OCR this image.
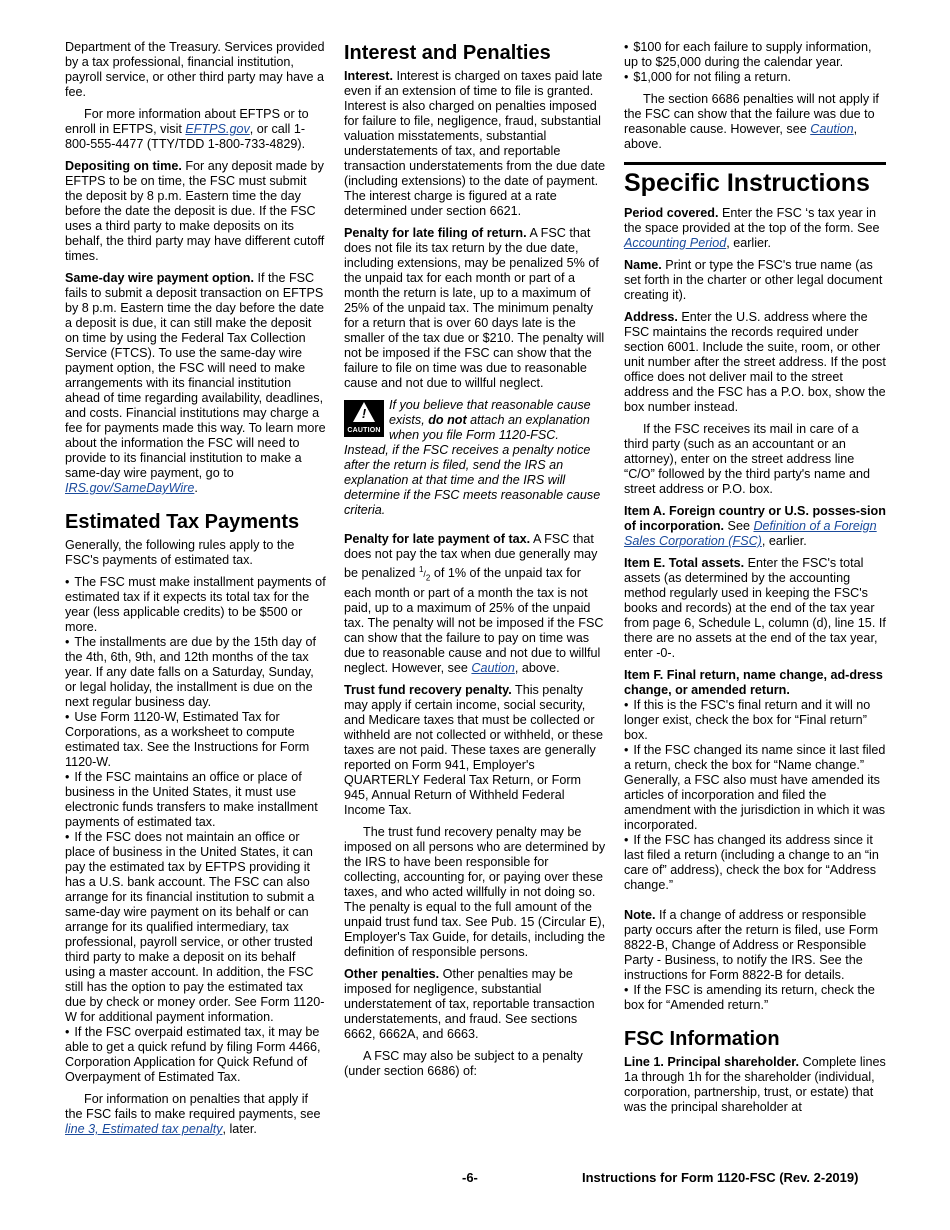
Department of the Treasury. Services provided by a tax professional, financial institution, payroll service, or other third party may have a fee.

For more information about EFTPS or to enroll in EFTPS, visit EFTPS.gov, or call 1-800-555-4477 (TTY/TDD 1-800-733-4829).

Depositing on time. For any deposit made by EFTPS to be on time, the FSC must submit the deposit by 8 p.m. Eastern time the day before the date the deposit is due. If the FSC uses a third party to make deposits on its behalf, the third party may have different cutoff times.

Same-day wire payment option. If the FSC fails to submit a deposit transaction on EFTPS by 8 p.m. Eastern time the day before the date a deposit is due, it can still make the deposit on time by using the Federal Tax Collection Service (FTCS). To use the same-day wire payment option, the FSC will need to make arrangements with its financial institution ahead of time regarding availability, deadlines, and costs. Financial institutions may charge a fee for payments made this way. To learn more about the information the FSC will need to provide to its financial institution to make a same-day wire payment, go to IRS.gov/SameDayWire.

Estimated Tax Payments

Generally, the following rules apply to the FSC's payments of estimated tax.

• The FSC must make installment payments of estimated tax if it expects its total tax for the year (less applicable credits) to be $500 or more.
• The installments are due by the 15th day of the 4th, 6th, 9th, and 12th months of the tax year. If any date falls on a Saturday, Sunday, or legal holiday, the installment is due on the next regular business day.
• Use Form 1120-W, Estimated Tax for Corporations, as a worksheet to compute estimated tax. See the Instructions for Form 1120-W.
• If the FSC maintains an office or place of business in the United States, it must use electronic funds transfers to make installment payments of estimated tax.
• If the FSC does not maintain an office or place of business in the United States, it can pay the estimated tax by EFTPS providing it has a U.S. bank account. The FSC can also arrange for its financial institution to submit a same-day wire payment on its behalf or can arrange for its qualified intermediary, tax professional, payroll service, or other trusted third party to make a deposit on its behalf using a master account. In addition, the FSC still has the option to pay the estimated tax due by check or money order. See Form 1120-W for additional payment information.
• If the FSC overpaid estimated tax, it may be able to get a quick refund by filing Form 4466, Corporation Application for Quick Refund of Overpayment of Estimated Tax.

For information on penalties that apply if the FSC fails to make required payments, see line 3, Estimated tax penalty, later.

Interest and Penalties

Interest. Interest is charged on taxes paid late even if an extension of time to file is granted. Interest is also charged on penalties imposed for failure to file, negligence, fraud, substantial valuation misstatements, substantial understatements of tax, and reportable transaction understatements from the due date (including extensions) to the date of payment. The interest charge is figured at a rate determined under section 6621.

Penalty for late filing of return. A FSC that does not file its tax return by the due date, including extensions, may be penalized 5% of the unpaid tax for each month or part of a month the return is late, up to a maximum of 25% of the unpaid tax. The minimum penalty for a return that is over 60 days late is the smaller of the tax due or $210. The penalty will not be imposed if the FSC can show that the failure to file on time was due to reasonable cause and not due to willful neglect.

!
CAUTION
If you believe that reasonable cause exists, do not attach an explanation when you file Form 1120-FSC. Instead, if the FSC receives a penalty notice after the return is filed, send the IRS an explanation at that time and the IRS will determine if the FSC meets reasonable cause criteria.

Penalty for late payment of tax. A FSC that does not pay the tax when due generally may be penalized $^1/_2$ of 1% of the unpaid tax for each month or part of a month the tax is not paid, up to a maximum of 25% of the unpaid tax. The penalty will not be imposed if the FSC can show that the failure to pay on time was due to reasonable cause and not due to willful neglect. However, see Caution, above.

Trust fund recovery penalty. This penalty may apply if certain income, social security, and Medicare taxes that must be collected or withheld are not collected or withheld, or these taxes are not paid. These taxes are generally reported on Form 941, Employer's QUARTERLY Federal Tax Return, or Form 945, Annual Return of Withheld Federal Income Tax.

The trust fund recovery penalty may be imposed on all persons who are determined by the IRS to have been responsible for collecting, accounting for, or paying over these taxes, and who acted willfully in not doing so. The penalty is equal to the full amount of the unpaid trust fund tax. See Pub. 15 (Circular E), Employer's Tax Guide, for details, including the definition of responsible persons.

Other penalties. Other penalties may be imposed for negligence, substantial understatement of tax, reportable transaction understatements, and fraud. See sections 6662, 6662A, and 6663.

A FSC may also be subject to a penalty (under section 6686) of:

• $100 for each failure to supply information, up to $25,000 during the calendar year.
• $1,000 for not filing a return.

The section 6686 penalties will not apply if the FSC can show that the failure was due to reasonable cause. However, see Caution, above.

Specific Instructions

Period covered. Enter the FSC ‘s tax year in the space provided at the top of the form. See Accounting Period, earlier.

Name. Print or type the FSC's true name (as set forth in the charter or other legal document creating it).

Address. Enter the U.S. address where the FSC maintains the records required under section 6001. Include the suite, room, or other unit number after the street address. If the post office does not deliver mail to the street address and the FSC has a P.O. box, show the box number instead.

If the FSC receives its mail in care of a third party (such as an accountant or an attorney), enter on the street address line “C/O” followed by the third party's name and street address or P.O. box.

Item A. Foreign country or U.S. posses-sion of incorporation. See Definition of a Foreign Sales Corporation (FSC), earlier.

Item E. Total assets. Enter the FSC's total assets (as determined by the accounting method regularly used in keeping the FSC's books and records) at the end of the tax year from page 6, Schedule L, column (d), line 15. If there are no assets at the end of the tax year, enter -0-.

Item F. Final return, name change, ad-dress change, or amended return.

• If this is the FSC's final return and it will no longer exist, check the box for “Final return” box.
• If the FSC changed its name since it last filed a return, check the box for “Name change.” Generally, a FSC also must have amended its articles of incorporation and filed the amendment with the jurisdiction in which it was incorporated.
• If the FSC has changed its address since it last filed a return (including a change to an “in care of” address), check the box for “Address change.”

Note. If a change of address or responsible party occurs after the return is filed, use Form 8822-B, Change of Address or Responsible Party - Business, to notify the IRS. See the instructions for Form 8822-B for details.

• If the FSC is amending its return, check the box for “Amended return.”
FSC Information

Line 1. Principal shareholder. Complete lines 1a through 1h for the shareholder (individual, corporation, partnership, trust, or estate) that was the principal shareholder at

-6-	Instructions for Form 1120-FSC (Rev. 2-2019)
